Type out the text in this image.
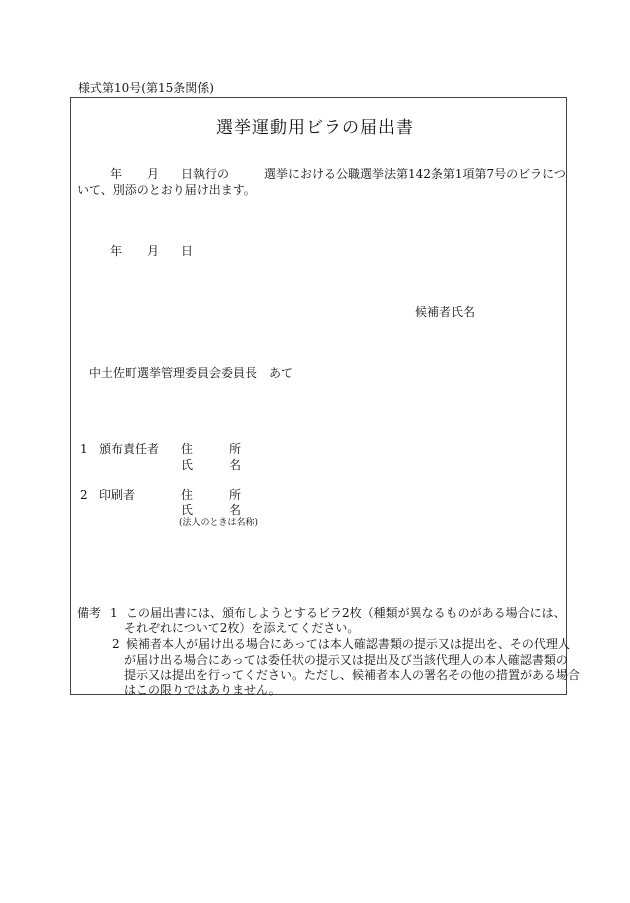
様式第10号(第15条関係)
選挙運動用ビラの届出書
年 月 日執行の	選挙における公職選挙法第142条第1項第7号のビラにつ
いて、別添のとおり届け出ます。
年 月 日
候補者氏名
中土佐町選挙管理委員会委員長　あて
1 頒布責任者 住	所
氏	名
2 印刷者	住	所
氏	名
(法人のときは名称)
備考 1 この届出書には、頒布しようとするビラ2枚（種類が異なるものがある場合には、
それぞれについて2枚）を添えてください。
2 候補者本人が届け出る場合にあっては本人確認書類の提示又は提出を、その代理人
が届け出る場合にあっては委任状の提示又は提出及び当該代理人の本人確認書類の
提示又は提出を行ってください。ただし、候補者本人の署名その他の措置がある場合
はこの限りではありません。
